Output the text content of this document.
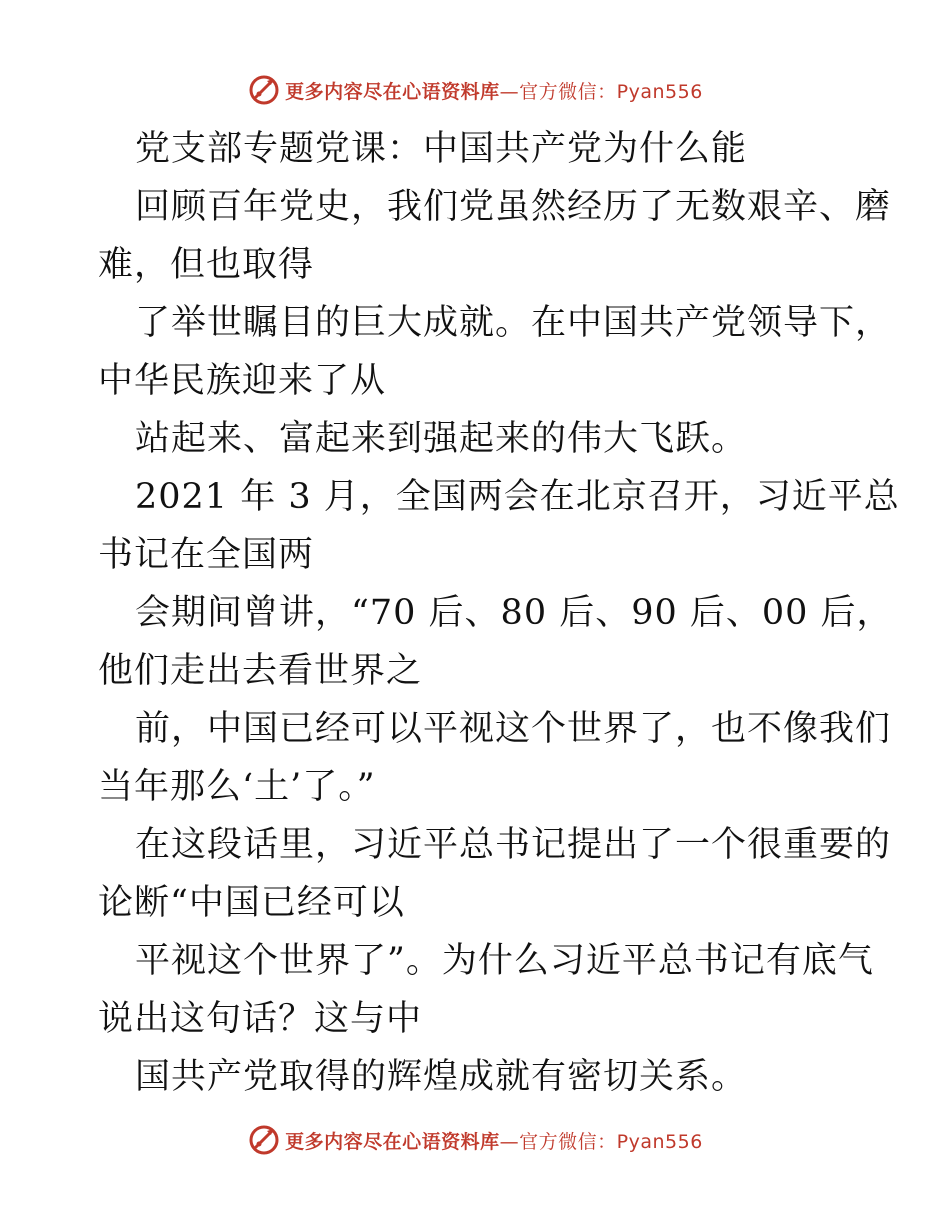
更多内容尽在心语资料库—官方微信：Pyan556
党支部专题党课：中国共产党为什么能
回顾百年党史，我们党虽然经历了无数艰辛、磨
难，但也取得
了举世瞩目的巨大成就。在中国共产党领导下，
中华民族迎来了从
站起来、富起来到强起来的伟大飞跃。
2021 年 3 月，全国两会在北京召开，习近平总
书记在全国两
会期间曾讲，“70 后、80 后、90 后、00 后，
他们走出去看世界之
前，中国已经可以平视这个世界了，也不像我们
当年那么‘土’了。”
在这段话里，习近平总书记提出了一个很重要的
论断“中国已经可以
平视这个世界了”。为什么习近平总书记有底气
说出这句话？这与中
国共产党取得的辉煌成就有密切关系。
更多内容尽在心语资料库—官方微信：Pyan556
